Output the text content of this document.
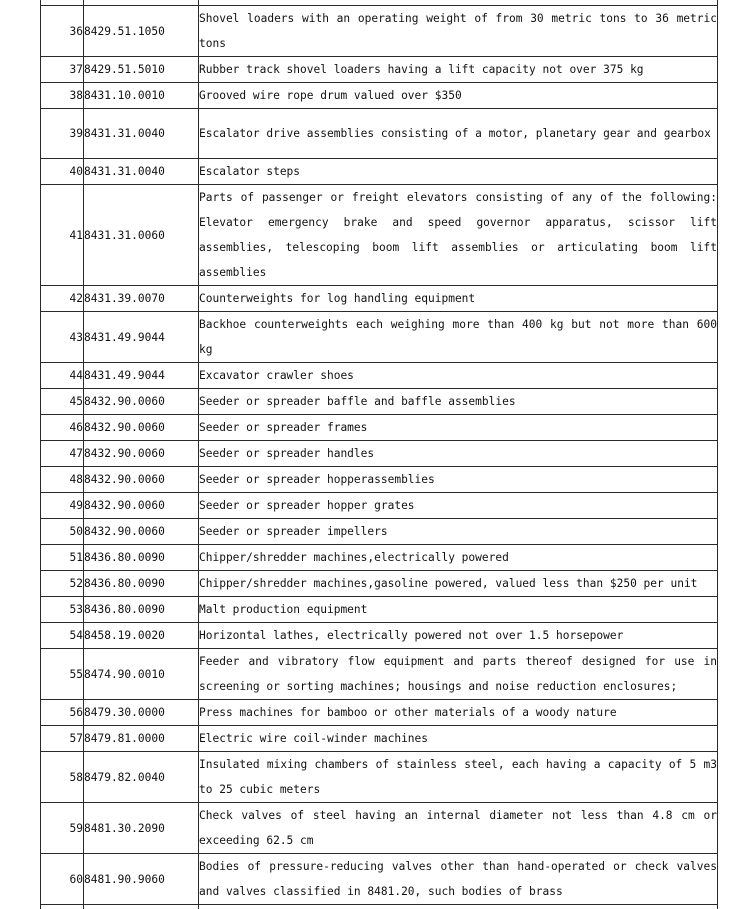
36	8429.51.1050	Shovel loaders with an operating weight of from 30 metric tons to 36 metric tons
37	8429.51.5010	Rubber track shovel loaders having a lift capacity not over 375 kg
38	8431.10.0010	Grooved wire rope drum valued over $350
39	8431.31.0040	Escalator drive assemblies consisting of a motor, planetary gear and gearbox
40	8431.31.0040	Escalator steps
41	8431.31.0060	Parts of passenger or freight elevators consisting of any of the following: Elevator emergency brake and speed governor apparatus, scissor lift assemblies, telescoping boom lift assemblies or articulating boom lift assemblies
42	8431.39.0070	Counterweights for log handling equipment
43	8431.49.9044	Backhoe counterweights each weighing more than 400 kg but not more than 600 kg
44	8431.49.9044	Excavator crawler shoes
45	8432.90.0060	Seeder or spreader baffle and baffle assemblies
46	8432.90.0060	Seeder or spreader frames
47	8432.90.0060	Seeder or spreader handles
48	8432.90.0060	Seeder or spreader hopperassemblies
49	8432.90.0060	Seeder or spreader hopper grates
50	8432.90.0060	Seeder or spreader impellers
51	8436.80.0090	Chipper/shredder machines,electrically powered
52	8436.80.0090	Chipper/shredder machines,gasoline powered, valued less than $250 per unit
53	8436.80.0090	Malt production equipment
54	8458.19.0020	Horizontal lathes, electrically powered not over 1.5 horsepower
55	8474.90.0010	Feeder and vibratory flow equipment and parts thereof designed for use in screening or sorting machines; housings and noise reduction enclosures;
56	8479.30.0000	Press machines for bamboo or other materials of a woody nature
57	8479.81.0000	Electric wire coil-winder machines
58	8479.82.0040	Insulated mixing chambers of stainless steel, each having a capacity of 5 m3 to 25 cubic meters
59	8481.30.2090	Check valves of steel having an internal diameter not less than 4.8 cm or exceeding 62.5 cm
60	8481.90.9060	Bodies of pressure-reducing valves other than hand-operated or check valves and valves classified in 8481.20, such bodies of brass
